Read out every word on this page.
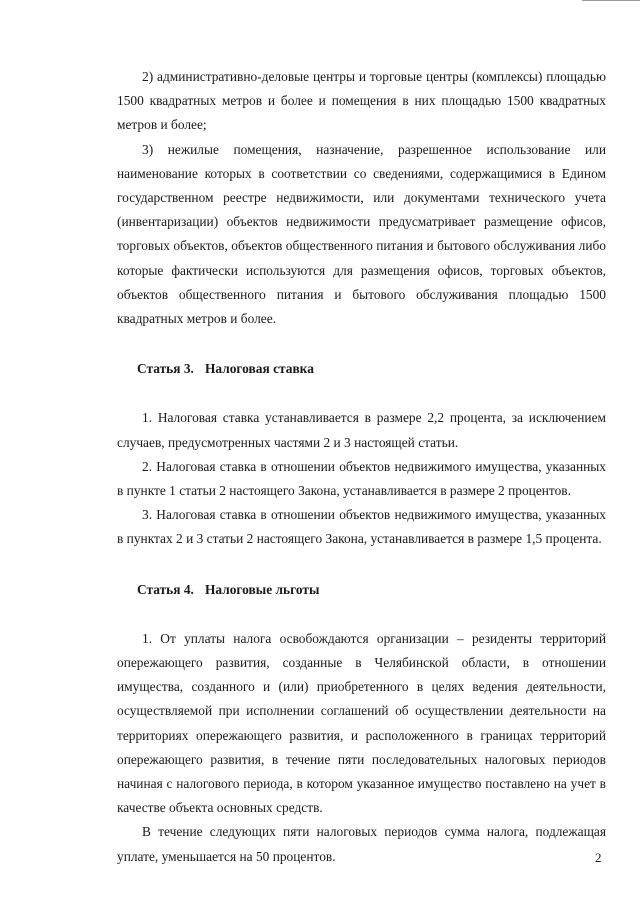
2) административно-деловые центры и торговые центры (комплексы) площадью 1500 квадратных метров и более и помещения в них площадью 1500 квадратных метров и более;

3) нежилые помещения, назначение, разрешенное использование или наименование которых в соответствии со сведениями, содержащимися в Едином государственном реестре недвижимости, или документами технического учета (инвентаризации) объектов недвижимости предусматривает размещение офисов, торговых объектов, объектов общественного питания и бытового обслуживания либо которые фактически используются для размещения офисов, торговых объектов, объектов общественного питания и бытового обслуживания площадью 1500 квадратных метров и более.

Статья 3. Налоговая ставка

1. Налоговая ставка устанавливается в размере 2,2 процента, за исключением случаев, предусмотренных частями 2 и 3 настоящей статьи.

2. Налоговая ставка в отношении объектов недвижимого имущества, указанных в пункте 1 статьи 2 настоящего Закона, устанавливается в размере 2 процентов.

3. Налоговая ставка в отношении объектов недвижимого имущества, указанных в пунктах 2 и 3 статьи 2 настоящего Закона, устанавливается в размере 1,5 процента.

Статья 4. Налоговые льготы

1. От уплаты налога освобождаются организации – резиденты территорий опережающего развития, созданные в Челябинской области, в отношении имущества, созданного и (или) приобретенного в целях ведения деятельности, осуществляемой при исполнении соглашений об осуществлении деятельности на территориях опережающего развития, и расположенного в границах территорий опережающего развития, в течение пяти последовательных налоговых периодов начиная с налогового периода, в котором указанное имущество поставлено на учет в качестве объекта основных средств.

В течение следующих пяти налоговых периодов сумма налога, подлежащая уплате, уменьшается на 50 процентов.	2
